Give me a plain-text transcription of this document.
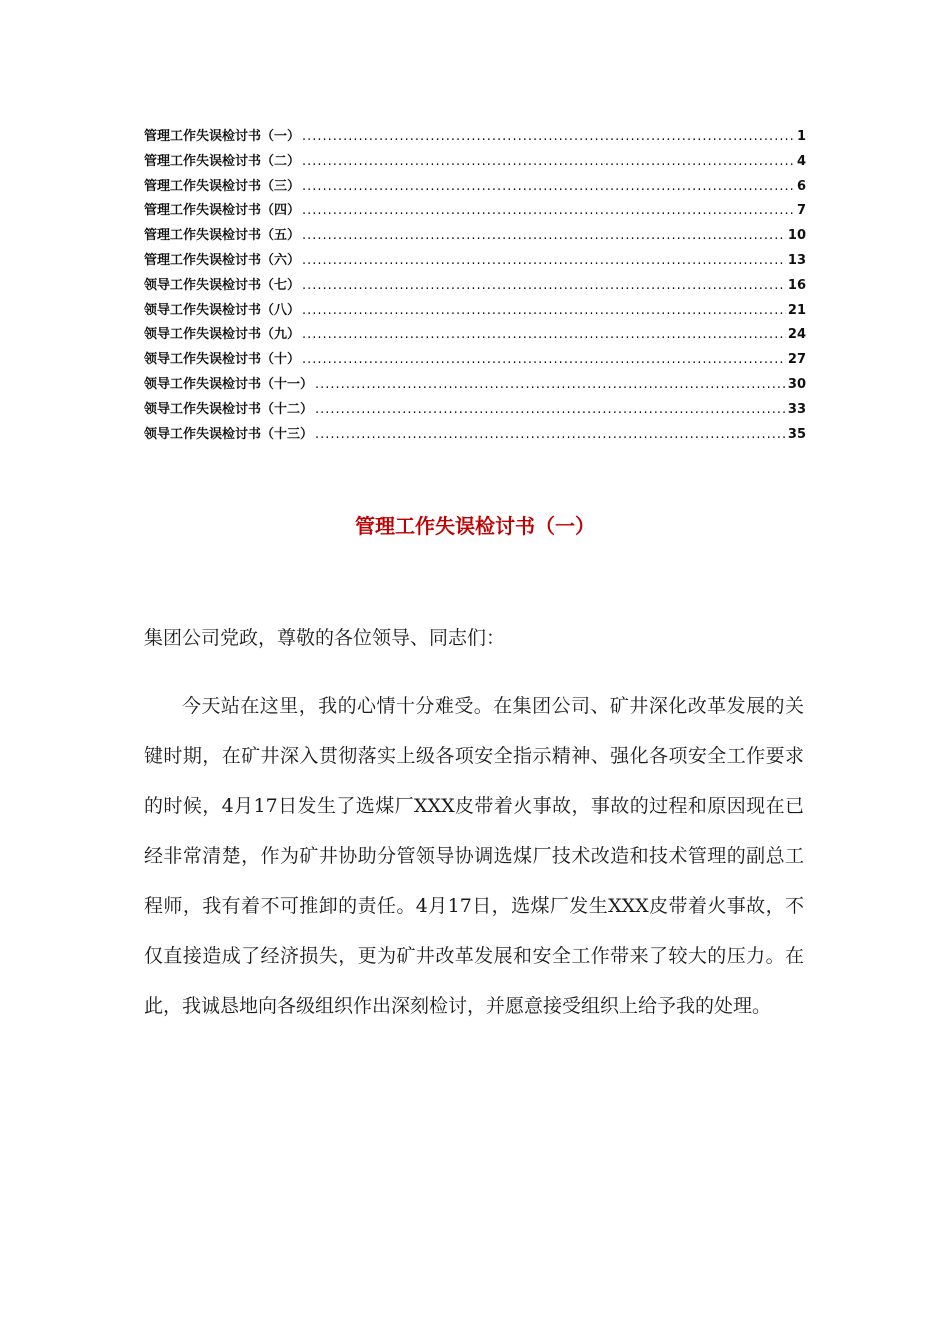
管理工作失误检讨书（一） .....	1
管理工作失误检讨书（二） .....	4
管理工作失误检讨书（三） .....	6
管理工作失误检讨书（四） .....	7
管理工作失误检讨书（五） .....	10
管理工作失误检讨书（六） .....	13
领导工作失误检讨书（七） .....	16
领导工作失误检讨书（八） .....	21
领导工作失误检讨书（九） .....	24
领导工作失误检讨书（十） .....	27
领导工作失误检讨书（十一） .....	30
领导工作失误检讨书（十二） .....	33
领导工作失误检讨书（十三） .....	35
管理工作失误检讨书（一）

集团公司党政，尊敬的各位领导、同志们：

今天站在这里，我的心情十分难受。在集团公司、矿井深化改革发展的关键时期，在矿井深入贯彻落实上级各项安全指示精神、强化各项安全工作要求的时候，4月17日发生了选煤厂XXX皮带着火事故，事故的过程和原因现在已经非常清楚，作为矿井协助分管领导协调选煤厂技术改造和技术管理的副总工程师，我有着不可推卸的责任。4月17日，选煤厂发生XXX皮带着火事故，不仅直接造成了经济损失，更为矿井改革发展和安全工作带来了较大的压力。在此，我诚恳地向各级组织作出深刻检讨，并愿意接受组织上给予我的处理。
